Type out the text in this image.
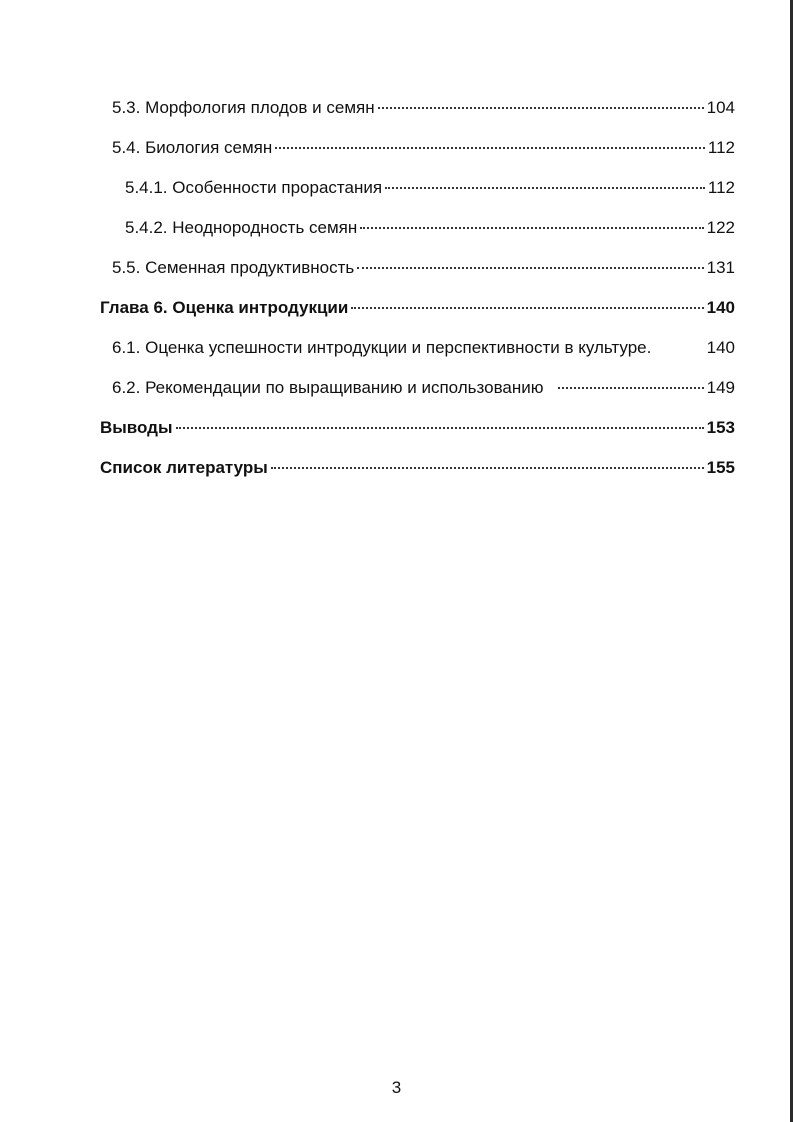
5.3. Морфология плодов и семян	104
5.4. Биология семян	112
5.4.1. Особенности прорастания	112
5.4.2. Неоднородность семян	122
5.5. Семенная продуктивность	131
Глава 6. Оценка интродукции	140
6.1. Оценка успешности интродукции и перспективности в культуре.	140
6.2. Рекомендации по выращиванию и использованию	149
Выводы	153
Список литературы	155
3
